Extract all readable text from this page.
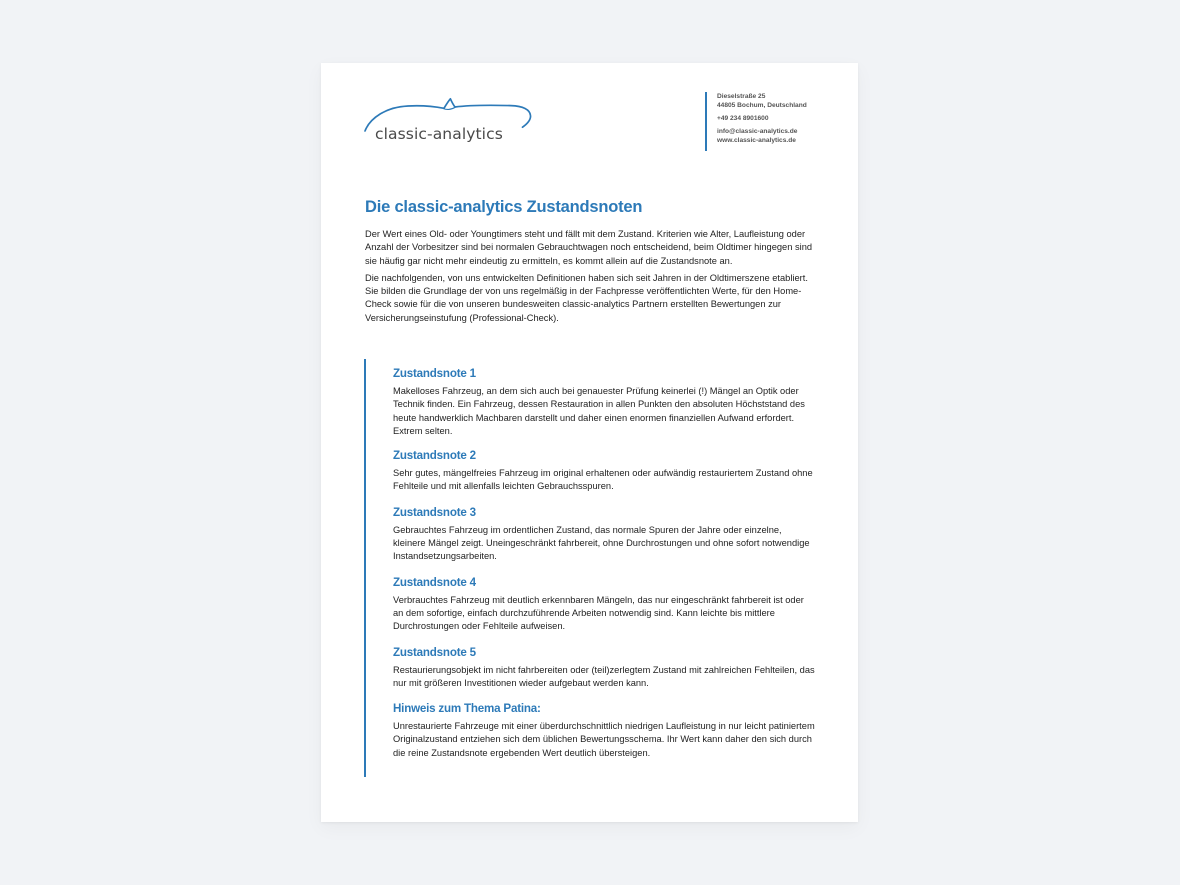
classic-analytics
Dieselstraße 25
44805 Bochum, Deutschland
+49 234 8901600
info@classic-analytics.de
www.classic-analytics.de
Die classic-analytics Zustandsnoten

Der Wert eines Old- oder Youngtimers steht und fällt mit dem Zustand. Kriterien wie Alter, Laufleistung oder Anzahl der Vorbesitzer sind bei normalen Gebrauchtwagen noch entscheidend, beim Oldtimer hingegen sind sie häufig gar nicht mehr eindeutig zu ermitteln, es kommt allein auf die Zustandsnote an.

Die nachfolgenden, von uns entwickelten Definitionen haben sich seit Jahren in der Oldtimerszene etabliert. Sie bilden die Grundlage der von uns regelmäßig in der Fachpresse veröffentlichten Werte, für den Home-Check sowie für die von unseren bundesweiten classic-analytics Partnern erstellten Bewertungen zur Versicherungseinstufung (Professional-Check).

Zustandsnote 1

Makelloses Fahrzeug, an dem sich auch bei genauester Prüfung keinerlei (!) Mängel an Optik oder Technik finden. Ein Fahrzeug, dessen Restauration in allen Punkten den absoluten Höchststand des heute handwerklich Machbaren darstellt und daher einen enormen finanziellen Aufwand erfordert. Extrem selten.

Zustandsnote 2

Sehr gutes, mängelfreies Fahrzeug im original erhaltenen oder aufwändig restauriertem Zustand ohne Fehlteile und mit allenfalls leichten Gebrauchsspuren.

Zustandsnote 3

Gebrauchtes Fahrzeug im ordentlichen Zustand, das normale Spuren der Jahre oder einzelne, kleinere Mängel zeigt. Uneingeschränkt fahrbereit, ohne Durchrostungen und ohne sofort notwendige Instandsetzungsarbeiten.

Zustandsnote 4

Verbrauchtes Fahrzeug mit deutlich erkennbaren Mängeln, das nur eingeschränkt fahrbereit ist oder an dem sofortige, einfach durchzuführende Arbeiten notwendig sind. Kann leichte bis mittlere Durchrostungen oder Fehlteile aufweisen.

Zustandsnote 5

Restaurierungsobjekt im nicht fahrbereiten oder (teil)zerlegtem Zustand mit zahlreichen Fehlteilen, das nur mit größeren Investitionen wieder aufgebaut werden kann.

Hinweis zum Thema Patina:

Unrestaurierte Fahrzeuge mit einer überdurchschnittlich niedrigen Laufleistung in nur leicht patiniertem Originalzustand entziehen sich dem üblichen Bewertungsschema. Ihr Wert kann daher den sich durch die reine Zustandsnote ergebenden Wert deutlich übersteigen.
